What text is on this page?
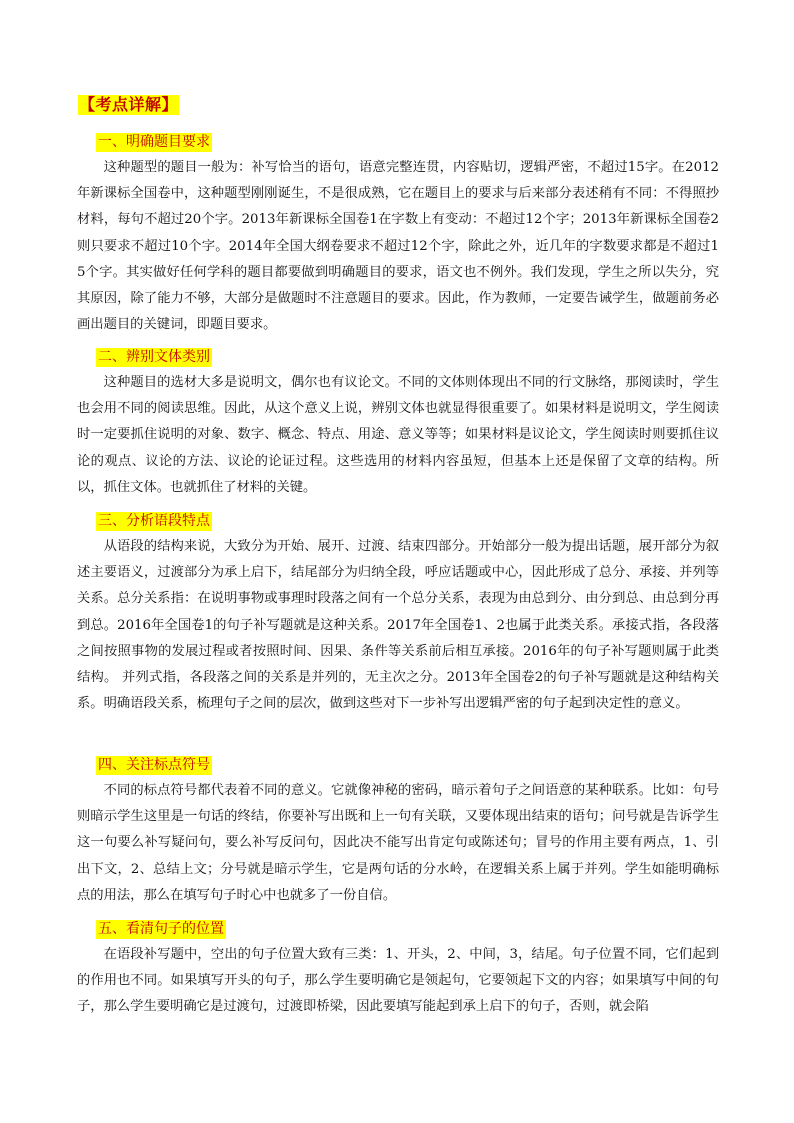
【考点详解】
一、明确题目要求

这种题型的题目一般为：补写恰当的语句，语意完整连贯，内容贴切，逻辑严密，不超过15字。在2012年新课标全国卷中，这种题型刚刚诞生，不是很成熟，它在题目上的要求与后来部分表述稍有不同：不得照抄材料，每句不超过20个字。2013年新课标全国卷1在字数上有变动：不超过12个字；2013年新课标全国卷2则只要求不超过10个字。2014年全国大纲卷要求不超过12个字，除此之外，近几年的字数要求都是不超过15个字。其实做好任何学科的题目都要做到明确题目的要求，语文也不例外。我们发现，学生之所以失分，究其原因，除了能力不够，大部分是做题时不注意题目的要求。因此，作为教师，一定要告诫学生，做题前务必画出题目的关键词，即题目要求。

二、辨别文体类别

这种题目的选材大多是说明文，偶尔也有议论文。不同的文体则体现出不同的行文脉络，那阅读时，学生也会用不同的阅读思维。因此，从这个意义上说，辨别文体也就显得很重要了。如果材料是说明文，学生阅读时一定要抓住说明的对象、数字、概念、特点、用途、意义等等；如果材料是议论文，学生阅读时则要抓住议论的观点、议论的方法、议论的论证过程。这些选用的材料内容虽短，但基本上还是保留了文章的结构。所以，抓住文体。也就抓住了材料的关键。

三、分析语段特点

从语段的结构来说，大致分为开始、展开、过渡、结束四部分。开始部分一般为提出话题，展开部分为叙述主要语义，过渡部分为承上启下，结尾部分为归纳全段，呼应话题或中心，因此形成了总分、承接、并列等关系。总分关系指：在说明事物或事理时段落之间有一个总分关系，表现为由总到分、由分到总、由总到分再到总。2016年全国卷1的句子补写题就是这种关系。2017年全国卷1、2也属于此类关系。承接式指，各段落之间按照事物的发展过程或者按照时间、因果、条件等关系前后相互承接。2016年的句子补写题则属于此类结构。 并列式指，各段落之间的关系是并列的，无主次之分。2013年全国卷2的句子补写题就是这种结构关系。明确语段关系，梳理句子之间的层次，做到这些对下一步补写出逻辑严密的句子起到决定性的意义。

四、关注标点符号

不同的标点符号都代表着不同的意义。它就像神秘的密码，暗示着句子之间语意的某种联系。比如：句号则暗示学生这里是一句话的终结，你要补写出既和上一句有关联，又要体现出结束的语句；问号就是告诉学生这一句要么补写疑问句，要么补写反问句，因此决不能写出肯定句或陈述句；冒号的作用主要有两点，1、引出下文，2、总结上文；分号就是暗示学生，它是两句话的分水岭，在逻辑关系上属于并列。学生如能明确标点的用法，那么在填写句子时心中也就多了一份自信。

五、看清句子的位置

在语段补写题中，空出的句子位置大致有三类：1、开头，2、中间，3，结尾。句子位置不同，它们起到的作用也不同。如果填写开头的句子，那么学生要明确它是领起句，它要领起下文的内容；如果填写中间的句子，那么学生要明确它是过渡句，过渡即桥梁，因此要填写能起到承上启下的句子，否则，就会陷
